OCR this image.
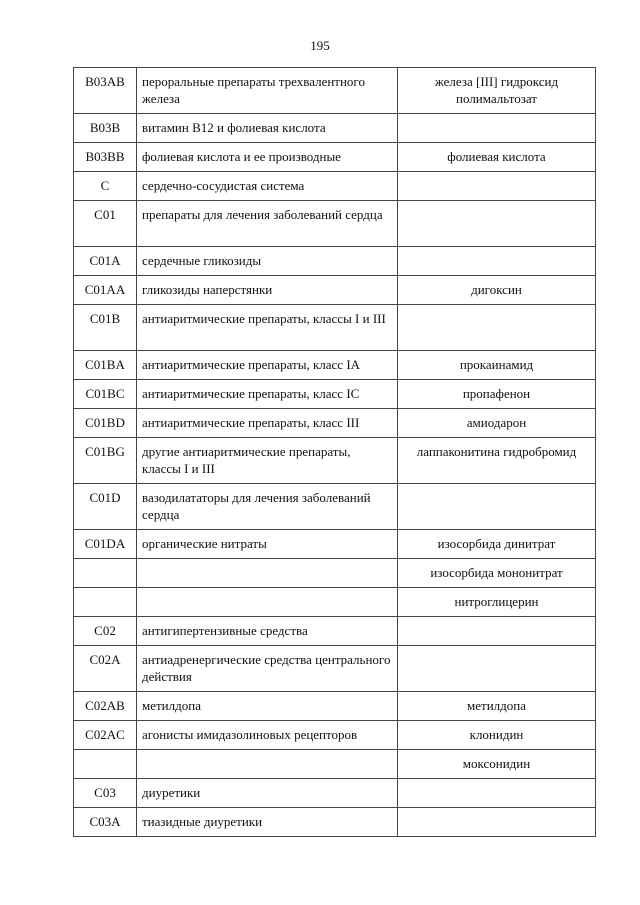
195
B03AB	пероральные препараты трехвалентного железа	железа [III] гидроксид полимальтозат
B03B	витамин B12 и фолиевая кислота	
B03BB	фолиевая кислота и ее производные	фолиевая кислота
C	сердечно-сосудистая система	
C01	препараты для лечения заболеваний сердца	
C01A	сердечные гликозиды	
C01AA	гликозиды наперстянки	дигоксин
C01B	антиаритмические препараты, классы I и III	
C01BA	антиаритмические препараты, класс IA	прокаинамид
C01BC	антиаритмические препараты, класс IC	пропафенон
C01BD	антиаритмические препараты, класс III	амиодарон
C01BG	другие антиаритмические препараты, классы I и III	лаппаконитина гидробромид
C01D	вазодилататоры для лечения заболеваний сердца	
C01DA	органические нитраты	изосорбида динитрат
		изосорбида мононитрат
		нитроглицерин
C02	антигипертензивные средства	
C02A	антиадренергические средства центрального действия	
C02AB	метилдопа	метилдопа
C02AC	агонисты имидазолиновых рецепторов	клонидин
		моксонидин
C03	диуретики	
C03A	тиазидные диуретики	
